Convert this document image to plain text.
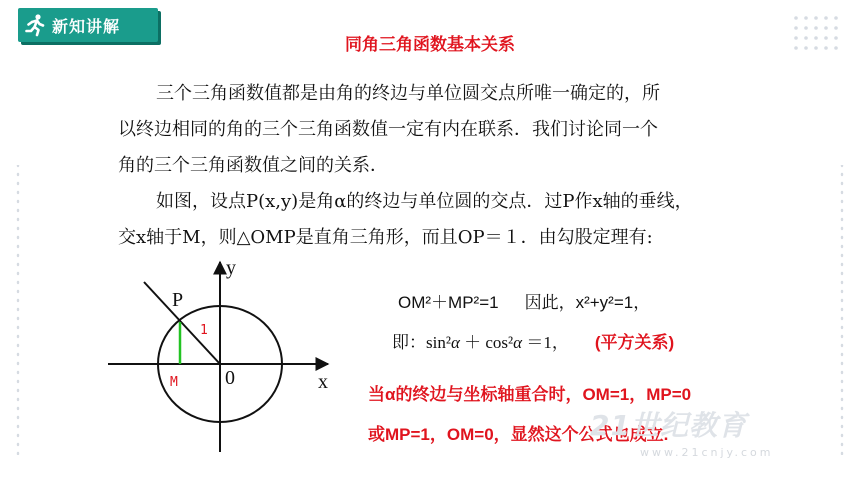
新知讲解
同角三角函数基本关系
三个三角函数值都是由角的终边与单位圆交点所唯一确定的，所
以终边相同的角的三个三角函数值一定有内在联系．我们讨论同一个
角的三个三角函数值之间的关系．
如图，设点P(x,y)是角α的终边与单位圆的交点．过P作x轴的垂线，
交x轴于M，则△OMP是直角三角形，而且OP＝１．由勾股定理有:
y
x
P
1
M 0
OM²＋MP²=1 因此，x²+y²=1，
即：sin²α ＋ cos²α ＝1， (平方关系)
当α的终边与坐标轴重合时，OM=1，MP=0
或MP=1，OM=0，显然这个公式也成立.
21世纪教育
www.21cnjy.com
